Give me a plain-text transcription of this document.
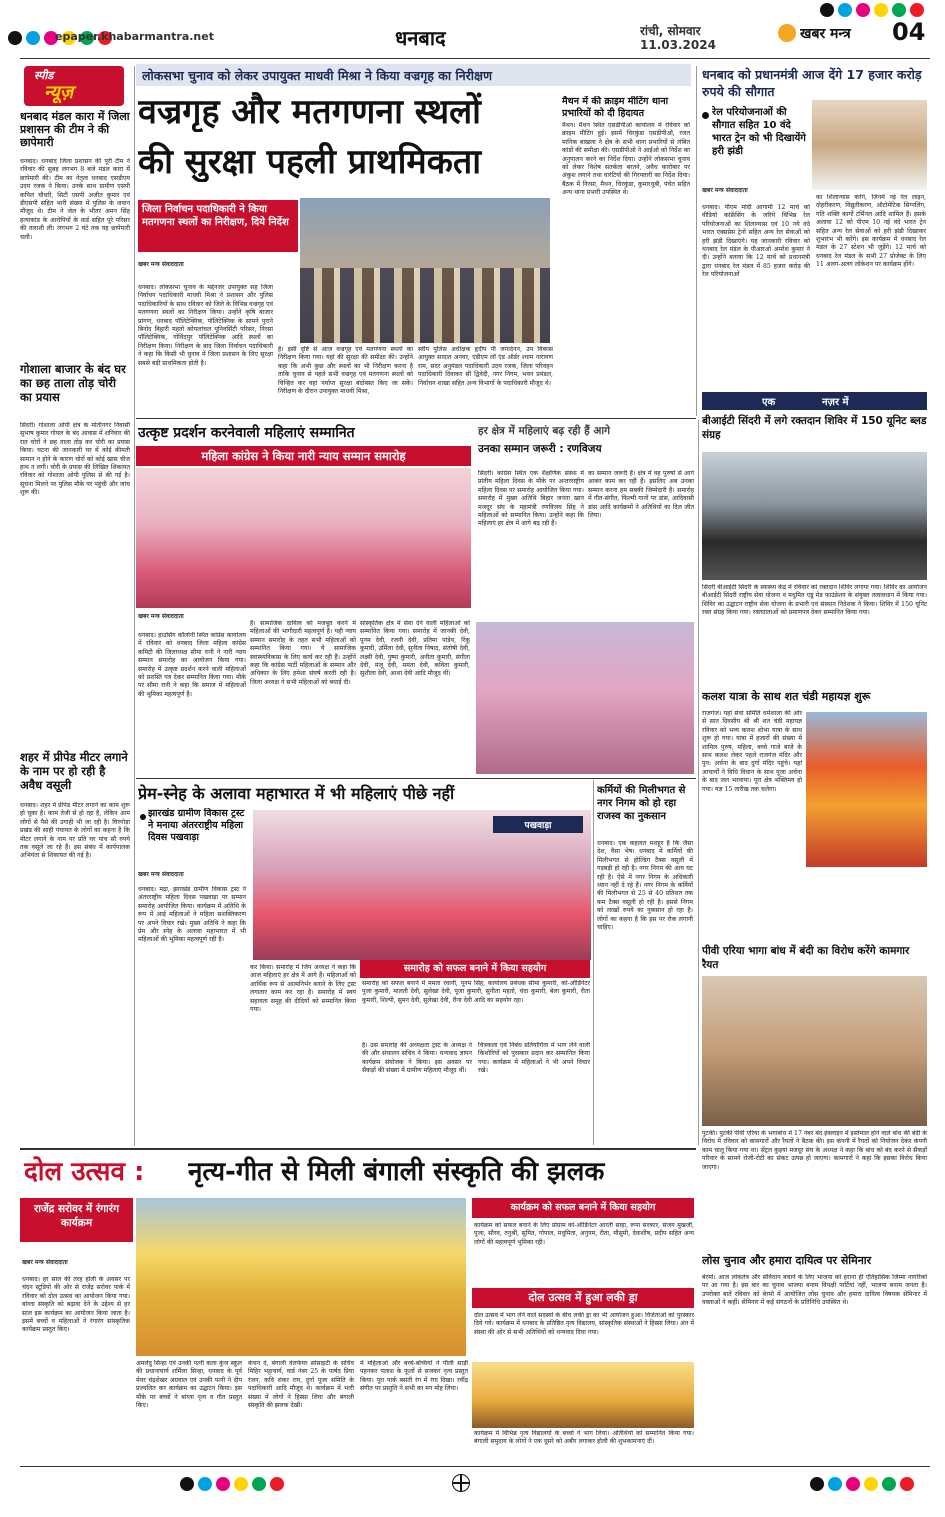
epaper.khabarmantra.net	धनबाद	रांची, सोमवार
11.03.2024
खबर मन्त्र	04
स्पीड
न्यूज़
धनबाद मंडल कारा में जिला प्रशासन की टीम ने की छापेमारी
धनबाद। धनबाद जिला प्रशासन की पूरी टीम ने रविवार की सुबह लगभग 8 बजे मंडल कारा में छापेमारी की। टीम का नेतृत्व धनबाद एसडीएम उदय रजक ने किया। उनके साथ ग्रामीण एसपी कपिल चौधरी, सिटी एसपी अजीत कुमार एवं डीएसपी सहित भारी संख्या में पुलिस के जवान मौजूद थे। टीम ने जेल के भीतर अमन सिंह हत्याकांड के आरोपियों के वार्ड सहित पूरे परिसर की तलाशी ली। लगभग 2 घंटे तक यह छापेमारी चली।
गोशाला बाजार के बंद घर का छह ताला तोड़ चोरी का प्रयास
सिंदरी। गोशाला ओपी क्षेत्र के मोतीनगर निवासी सुभाष कुमार गोयल के बंद आवास में शनिवार की रात चोरों ने छह ताला तोड़ कर चोरी का प्रयास किया। घटना की जानकारी घर में कोई कीमती सामान न होने के कारण चोरों को कोई खास चीज हाथ न लगी। चोरी के प्रयास की लिखित शिकायत रविवार को गोशाला ओपी पुलिस से की गई है। सूचना मिलने पर पुलिस मौके पर पहुंची और जांच शुरू की।
शहर में प्रीपेड मीटर लगाने के नाम पर हो रही है अवैध वसूली
धनबाद। शहर में प्रीपेड मीटर लगाने का काम शुरू हो चुका है। काम तेजी से हो रहा है, लेकिन आम लोगों से पैसे की उगाही भी जा रही है। घिरगोड़ा प्रखंड की साही पंचायत के लोगों का कहना है कि मीटर लगाने के नाम पर प्रति घर पांच सौ रुपये तक वसूले जा रहे हैं। इस संबंध में कार्यपालक अभियंता से शिकायत की गई है।
लोकसभा चुनाव को लेकर उपायुक्त माधवी मिश्रा ने किया वज्रगृह का निरीक्षण
वज्रगृह और मतगणना स्थलों
की सुरक्षा पहली प्राथमिकता
जिला निर्वाचन पदाधिकारी ने किया मतगणना स्थलों का निरीक्षण, दिये निर्देश
खबर मन्त्र संवाददाता
धनबाद। लोकसभा चुनाव के मद्देनजर उपायुक्त सह जिला निर्वाचन पदाधिकारी माधवी मिश्रा ने प्रशासन और पुलिस पदाधिकारियों के साथ रविवार को जिले के विभिन्न वज्रगृह एवं मतगणना स्थलों का निरीक्षण किया। उन्होंने कृषि बाजार प्रांगण, धनबाद पॉलिटेक्निक, पॉलिटेक्निक के सामने पुराने बिनोद बिहारी महतो कोयलांचल यूनिवर्सिटी परिसर, निरसा पॉलिटेक्निक, गोविंदपुर पॉलिटेक्निक आदि स्थलों का निरीक्षण किया। निरीक्षण के बाद जिला निर्वाचन पदाधिकारी ने कहा कि किसी भी चुनाव में जिला प्रशासन के लिए सुरक्षा सबसे बड़ी प्राथमिकता होती है।
है। इसी दृष्टि से आज वज्रगृह एवं मतगणना स्थलों का निरीक्षण किया गया। यहां की सुरक्षा की समीक्षा की। उन्होंने कहा कि अभी कुछ और स्थलों का भी निरीक्षण करना है ताकि चुनाव से पहले सभी वज्रगृह एवं मतगणना स्थलों को चिन्हित कर वहां पर्याप्त सुरक्षा बंदोबस्त किए जा सकें। निरीक्षण के दौरान उपायुक्त माधवी मिश्रा,
स्वीप पुलिस अधीक्षक हृदीप पी जनार्दनन, उप विकास आयुक्त सादात अनवर, एडीएम लॉ एंड ऑर्डर श्याम नारायण राम, सदर अनुमंडल पदाधिकारी उदय रजक, जिला परिवहन पदाधिकारी दिवाकर सी द्विवेदी, नगर निगम, भवन प्रमंडल, निर्वाचन शाखा सहित अन्य विभागों के पदाधिकारी मौजूद थे।
मैथन में की क्राइम मीटिंग थाना प्रभारियों को दी हिदायत
मैथन। मैथन स्थित एसडीपीओ कार्यालय में रविवार को क्राइम मीटिंग हुई। इसमें चिरकुंडा एसडीपीओ, रजत मानिक बाखला ने क्षेत्र के सभी थाना प्रभारियों से लंबित कांडों की समीक्षा की। एसडीपीओ ने आईओ को निर्देश का अनुपालन करने का निर्देश दिया। उन्होंने लोकसभा चुनाव को लेकर विशेष सतर्कता बरतने, अवैध कारोबार पर अंकुश लगाने तथा वारंटियों की गिरफ्तारी का निर्देश दिया। बैठक में निरसा, मैथन, चिरकुंडा, कुमारधुबी, पंचेत सहित अन्य थाना प्रभारी उपस्थित थे।
धनबाद को प्रधानमंत्री आज देंगे 17 हजार करोड़ रुपये की सौगात
रेल परियोजनाओं की सौगात सहित 10 वंदे भारत ट्रेन को भी दिखायेंगे हरी झंडी
खबर मन्त्र संवाददाता
धनबाद। पीएम मोदी आगामी 12 मार्च को वीडियो कांफ्रेंसिंग के जरिये विभिन्न रेल परियोजनाओं का शिलान्यास एवं 10 नये वंदे भारत एक्सप्रेस ट्रेनों सहित अन्य रेल सेवाओं को हरी झंडी दिखाएंगे। यह जानकारी रविवार को धनबाद रेल मंडल के पीआरओ अमरेश कुमार ने दी। उन्होंने बताया कि 12 मार्च को प्रधानमंत्री द्वारा धनबाद रेल मंडल में 85 हजार करोड़ की रेल परियोजनाओं
का शिलान्यास करेंगे, जिनमें नई रेल लाइन, दोहरीकरण, विद्युतीकरण, ऑटोमेटिक सिग्नलिंग, गति शक्ति कार्गो टर्मिनल आदि शामिल हैं। इसके अलावा 12 को पीएम 10 नई वंदे भारत ट्रेन सहित अन्य रेल सेवाओं को हरी झंडी दिखाकर शुभारंभ भी करेंगे। इस कार्यक्रम में धनबाद रेल मंडल के 27 स्टेशन भी जुड़ेंगे। 12 मार्च को धनबाद रेल मंडल के सभी 27 प्रोजेक्ट के लिए 11 अलग-अलग लोकेशन पर कार्यक्रम होंगे।
एक	नज़र में
बीआईटी सिंदरी में लगे रक्तदान शिविर में 150 यूनिट ब्लड संग्रह
सिंदरी बीआईटी सिंदरी के स्वास्थ्य केंद्र में रविवार को रक्तदान शिविर लगाया गया। शिविर का आयोजन बीआईटी सिंदरी राष्ट्रीय सेवा योजना व मधुमित एडू मेड फाउंडेशन के संयुक्त तत्वावधान में किया गया। शिविर का उद्घाटन राष्ट्रीय सेवा योजना के प्रभारी एवं संस्थान निदेशक ने किया। शिविर में 150 यूनिट रक्त संग्रह किया गया। रक्तदाताओं को प्रमाणपत्र देकर सम्मानित किया गया।
कलश यात्रा के साथ शत चंडी महायज्ञ शुरू
राजगंज। यहां सेवा समिति धर्मशाला की ओर से सात दिवसीय श्री श्री शत चंडी महायज्ञ रविवार को भव्य कलश शोभा यात्रा के साथ शुरू हो गया। यात्रा में हजारों की संख्या में शामिल पुरुष, महिला, बच्चे गाजे बाजे के साथ कलश लेकर पहले राजगंज मंदिर और पुन: अर्चना के बाद दुर्गा मंदिर पहुंचे। यहां आचार्यों ने विधि विधान के साथ पूजा अर्चना के बाद जल भरवाया। पूरा क्षेत्र भक्तिमय हो गया। यज्ञ 15 तारीख तक चलेगा।
पीवी एरिया भागा बांध में बंदी का विरोध करेंगे कामगार रैयत
पुटकी। पुटकी पीवी एरिया के भगाबांध में 17 नंबर बंद इंक्लाइन में इस्तेमाल होने वाले बांध की बंदी के विरोध में रविवार को कामगारों और रैयतों ने बैठक की। इस कंपनी में रैयतों को नियोजन देकर कंपनी काम चालू किया गया था। सेंट्रल कुइयां मजदूर संघ के अध्यक्ष ने कहा कि बांध को बंद करने से सैकड़ों परिवार के सामने रोजी-रोटी का संकट उत्पन्न हो जाएगा। कामगारों ने कहा कि इसका विरोध किया जाएगा।
उत्कृष्ट प्रदर्शन करनेवाली महिलाएं सम्मानित
महिला कांग्रेस ने किया नारी न्याय सम्मान समारोह
खबर मन्त्र संवाददाता
धनबाद। हाउसिंग कॉलोनी स्थित कांग्रेस कार्यालय में रविवार को धनबाद जिला महिला कांग्रेस कमिटी की जिलाध्यक्ष सीमा रानी ने नारी न्याय सम्मान समारोह का आयोजन किया गया। समारोह में उत्कृष्ट प्रदर्शन करने वाली महिलाओं को प्रशस्ति पत्र देकर सम्मानित किया गया। मौके पर सीमा रानी ने कहा कि समाज में महिलाओं की भूमिका महत्वपूर्ण है।
है। सामाजिक दायित्व को मजबूत करने में महिलाओं की भागीदारी महत्वपूर्ण है। यही न्याय सम्मान समारोह के तहत सभी महिलाओं को सम्मानित किया गया। ये सामाजिक स्वास्थ्यविकास के लिए कार्य कर रही हैं। उन्होंने कहा कि कांग्रेस पार्टी महिलाओं के सम्मान और अधिकार के लिए हमेशा संघर्ष करती रही है। जिला अध्यक्ष ने सभी महिलाओं को बधाई दी।
सांस्कृतिक क्षेत्र में सेवा देने वाली महिलाओं को सम्मानित किया गया। समारोह में जानकी देवी, पूनम देवी, रजनी देवी, प्रतिमा पांडेय, रिंकू कुमारी, उर्मिला देवी, सुनीता निषाद, संतोषी देवी, लक्ष्मी देवी, पुष्पा कुमारी, अनीता कुमारी, संगीता देवी, मंजू देवी, ममता देवी, कविता कुमारी, सुशीला देवी, आशा देवी आदि मौजूद थीं।
हर क्षेत्र में महिलाएं बढ़ रही हैं आगे
उनका सम्मान जरूरी : रणविजय
सिंदरी। कांग्रेस स्थित एक शैक्षणिक संस्था में प्रांतीय महिला दिवस के मौके पर अन्तरराष्ट्रीय महिला दिवस पर समारोह आयोजित किया गया। समारोह में मुख्य अतिथि बिहार जनता खान मजदूर संघ के महामंत्री रणविजय सिंह ने महिलाओं को सम्मानित किया। उन्होंने कहा कि महिलाएं हर क्षेत्र में आगे बढ़ रही हैं।
का सम्मान जरूरी है। क्षेत्र में वह पुरुषों से आगे आकर काम कर रही हैं। इसलिए अब उनका सम्मान करना हम सबकी जिम्मेदारी है। समारोह में गीत-संगीत, फिल्मी गानों पर डांस, आदिवासी डांस आदि कार्यक्रमों ने अतिथियों का दिल जीत लिया।
प्रेम-स्नेह के अलावा महाभारत में भी महिलाएं पीछे नहीं
झारखंड ग्रामीण विकास ट्रस्ट ने मनाया अंतरराष्ट्रीय महिला दिवस पखवाड़ा
खबर मन्त्र संवाददाता
पखवाड़ा
समारोह को सफल बनाने में किया सहयोग
समारोह को सफल बनाने में ममता रवानी, पूनम सिंह, कार्यालय प्रबंधक सीमा कुमारी, को-ऑर्डिनेटर पुजा कुमारी, मालती देवी, सुलेखा देवी, पूजा कुमारी, सुनीता महतो, चंदा कुमारी, बेला कुमारी, रीता कुमारी, शिल्पी, सुमन देवी, सुलेखा देवी, रीना देवी आदि का सहयोग रहा।
धनबाद। मद्रा, झारखंड ग्रामीण विकास ट्रस्ट ने अंतरराष्ट्रीय महिला दिवस पखवाड़ा पर सम्मान समारोह आयोजित किया। कार्यक्रम में अतिथि के रूप में आई महिलाओं ने महिला सशक्तिकरण पर अपने विचार रखे। मुख्य अतिथि ने कहा कि प्रेम और स्नेह के अलावा महाभारत में भी महिलाओं की भूमिका महत्वपूर्ण रही है।
कर किया। समारोह में जिप अध्यक्ष ने कहा कि आज महिलाएं हर क्षेत्र में आगे हैं। महिलाओं को आर्थिक रूप से आत्मनिर्भर बनाने के लिए ट्रस्ट लगातार काम कर रहा है। समारोह में स्वयं सहायता समूह की दीदियों को सम्मानित किया गया।
है। उस समारोह की अध्यक्षता ट्रस्ट के अध्यक्ष ने की और संचालन सचिव ने किया। धन्यवाद ज्ञापन कार्यक्रम संयोजक ने किया। इस अवसर पर सैकड़ों की संख्या में ग्रामीण महिलाएं मौजूद थीं।
चित्रकला एवं निबंध प्रतियोगिता में भाग लेने वाली किशोरियों को पुरस्कार प्रदान कर सम्मानित किया गया। कार्यक्रम में महिलाओं ने भी अपने विचार रखे।
कर्मियों की मिलीभगत से नगर निगम को हो रहा राजस्व का नुकसान
धनबाद। एक कहावत मशहूर है कि जैसा देश, वैसा भेष। धनबाद में कर्मियों की मिलीभगत से होल्डिंग टैक्स वसूली में गड़बड़ी हो रही है। नगर निगम की आय घट रही है। ऐसे में नगर निगम के अधिकारी ध्यान नहीं दे रहे हैं। नगर निगम के कर्मियों की मिलीभगत से 25 से 40 प्रतिशत तक कम टैक्स वसूली हो रही है। इससे निगम को लाखों रुपये का नुकसान हो रहा है। लोगों का कहना है कि इस पर रोक लगानी चाहिए।
दोल उत्सव :	नृत्य-गीत से मिली बंगाली संस्कृति की झलक
राजेंद्र सरोवर में रंगारंग कार्यक्रम
खबर मन्त्र संवाददाता
धनबाद। हर साल की तरह होली के अवसर पर चंदन स्टूडियो की ओर से राजेंद्र सरोवर पार्क में रविवार को दोल उत्सव का आयोजन किया गया। बांग्ला संस्कृति को बढ़ावा देने के उद्देश्य से हर साल इस कार्यक्रम का आयोजन किया जाता है। इसमें बच्चों व महिलाओं ने रंगारंग सांस्कृतिक कार्यक्रम प्रस्तुत किए।
अमलेंदु सिन्हा एवं उनकी पत्नी कला कुंज स्कूल की प्रधानाचार्य शर्मिला सिन्हा, धनबाद के पूर्व मेयर चंद्रशेखर अग्रवाल एवं उनकी पत्नी ने दीप प्रज्वलित कर कार्यक्रम का उद्घाटन किया। इस मौके पर बच्चों ने बांग्ला नृत्य व गीत प्रस्तुत किए।
कंचन दे, बंगाली वेलफेयर सोसाइटी के सचिव मिहिर भट्टाचार्य, वार्ड नंबर 25 के पार्षद प्रिया रंजन, कवि शंकर राय, दुर्गा पूजा समिति के पदाधिकारी आदि मौजूद थे। कार्यक्रम में भारी संख्या में लोगों ने हिस्सा लिया और बंगाली संस्कृति की झलक देखी।
में महिलाओं और बच्चे-बच्चियों ने पीली साड़ी पहनकर पलाश के फूलों से सजकर नृत्य प्रस्तुत किया। पूरा पार्क बसंती रंग में रंगा दिखा। रवींद्र संगीत पर प्रस्तुति ने सभी का मन मोह लिया।
कार्यक्रम को सफल बनाने में किया सहयोग
कार्यक्रम को सफल बनाने के लिए प्रोग्राम को-ऑर्डिनेटर आरती साहा, रूपा सरकार, संजय मुखर्जी, पूजा, सौरव, तनुश्री, सुमित, गोपाल, मधुमिता, अनुपम, रीता, मौसुमी, देवाशीष, प्रदीप सहित अन्य लोगों की महत्वपूर्ण भूमिका रही।
दोल उत्सव में हुआ लकी ड्रा
दोल उत्सव में भाग लेने वाले सदस्यों के बीच लकी ड्रा का भी आयोजन हुआ। विजेताओं को पुरस्कार दिये गये। कार्यक्रम में धनबाद के प्रतिष्ठित नृत्य विद्यालय, सांस्कृतिक संस्थाओं ने हिस्सा लिया। अंत में संस्था की ओर से सभी अतिथियों को धन्यवाद दिया गया।
कार्यक्रम में विभिन्न नृत्य विद्यालयों के बच्चों ने भाग लिया। अतिथियों को सम्मानित किया गया। बंगाली समुदाय के लोगों ने एक दूसरे को अबीर लगाकर होली की शुभकामनाएं दीं।
लोस चुनाव और हमारा दायित्व पर सेमिनार
बेरमो। आज लोकतंत्र और संविधान बचाने के लिए भाजपा को हराना ही ऐतिहासिक जिम्मा नागरिकों पर आ गया है। इस बार का चुनाव भाजपा बनाम विपक्षी पार्टियां नहीं, भाजपा बनाम जनता है। उपरोक्त बातें रविवार को बेरमो में आयोजित लोस चुनाव और हमारा दायित्व विषयक सेमिनार में वक्ताओं ने कहीं। सेमिनार में कई संगठनों के प्रतिनिधि उपस्थित थे।
